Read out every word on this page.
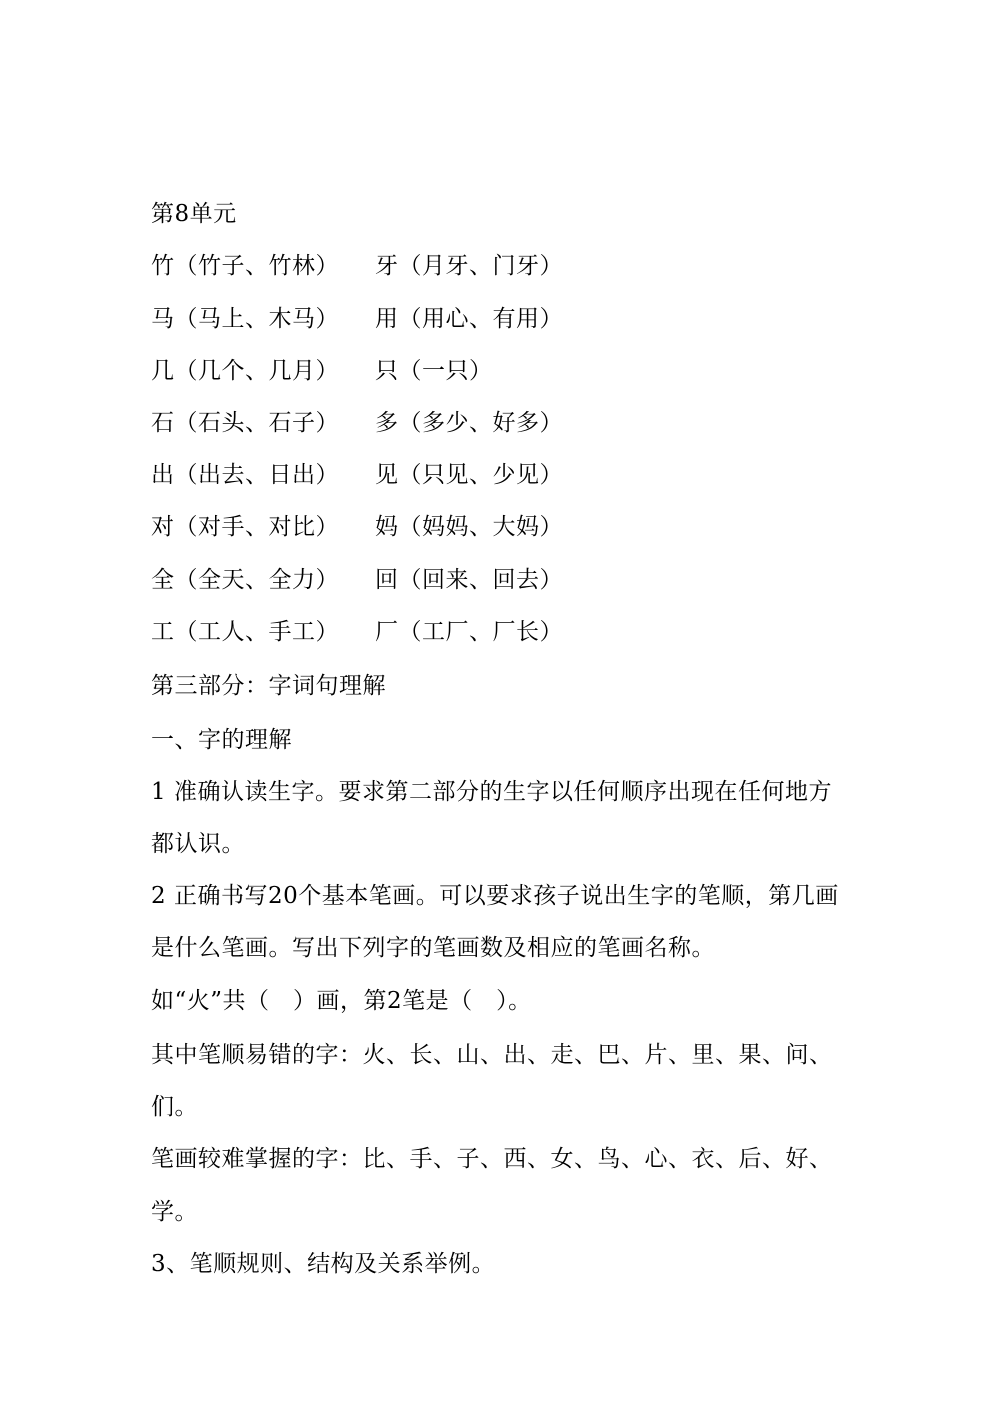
第8单元
竹（竹子、竹林） 牙（月牙、门牙）
马（马上、木马） 用（用心、有用）
几（几个、几月） 只（一只）
石（石头、石子） 多（多少、好多）
出（出去、日出） 见（只见、少见）
对（对手、对比） 妈（妈妈、大妈）
全（全天、全力） 回（回来、回去）
工（工人、手工） 厂（工厂、厂长）
第三部分：字词句理解
一、字的理解
1 准确认读生字。要求第二部分的生字以任何顺序出现在任何地方
都认识。
2 正确书写20个基本笔画。可以要求孩子说出生字的笔顺，第几画
是什么笔画。写出下列字的笔画数及相应的笔画名称。
如“火”共（　）画，第2笔是（　）。
其中笔顺易错的字：火、长、山、出、走、巴、片、里、果、问、
们。
笔画较难掌握的字：比、手、子、西、女、鸟、心、衣、后、好、
学。
3、笔顺规则、结构及关系举例。
